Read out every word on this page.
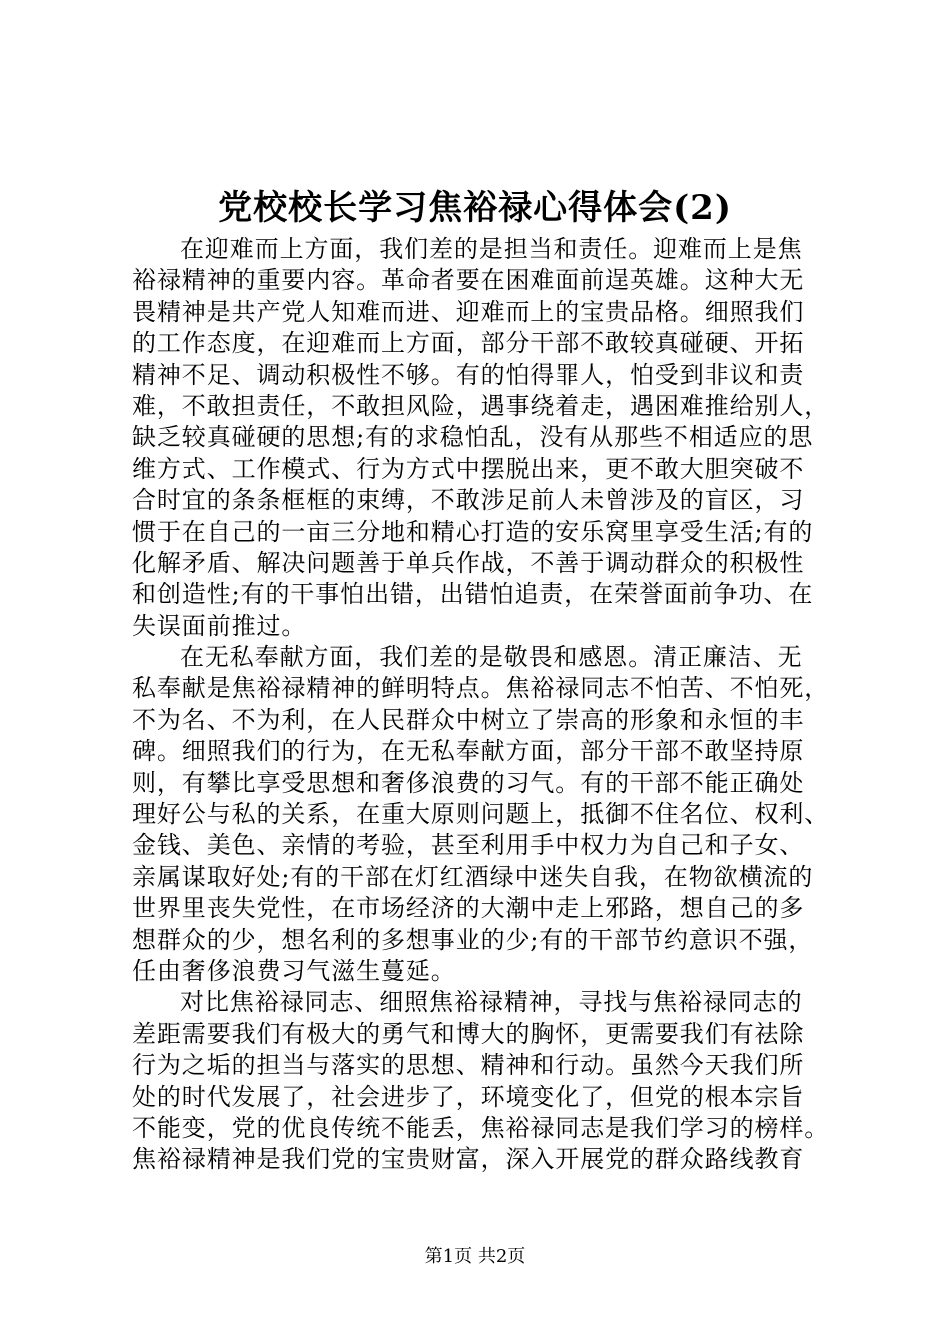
党校校长学习焦裕禄心得体会(2)
在迎难而上方面，我们差的是担当和责任。迎难而上是焦
裕禄精神的重要内容。革命者要在困难面前逞英雄。这种大无
畏精神是共产党人知难而进、迎难而上的宝贵品格。细照我们
的工作态度，在迎难而上方面，部分干部不敢较真碰硬、开拓
精神不足、调动积极性不够。有的怕得罪人，怕受到非议和责
难，不敢担责任，不敢担风险，遇事绕着走，遇困难推给别人，
缺乏较真碰硬的思想;有的求稳怕乱，没有从那些不相适应的思
维方式、工作模式、行为方式中摆脱出来，更不敢大胆突破不
合时宜的条条框框的束缚，不敢涉足前人未曾涉及的盲区，习
惯于在自己的一亩三分地和精心打造的安乐窝里享受生活;有的
化解矛盾、解决问题善于单兵作战，不善于调动群众的积极性
和创造性;有的干事怕出错，出错怕追责，在荣誉面前争功、在
失误面前推过。
在无私奉献方面，我们差的是敬畏和感恩。清正廉洁、无
私奉献是焦裕禄精神的鲜明特点。焦裕禄同志不怕苦、不怕死，
不为名、不为利，在人民群众中树立了崇高的形象和永恒的丰
碑。细照我们的行为，在无私奉献方面，部分干部不敢坚持原
则，有攀比享受思想和奢侈浪费的习气。有的干部不能正确处
理好公与私的关系，在重大原则问题上，抵御不住名位、权利、
金钱、美色、亲情的考验，甚至利用手中权力为自己和子女、
亲属谋取好处;有的干部在灯红酒绿中迷失自我，在物欲横流的
世界里丧失党性，在市场经济的大潮中走上邪路，想自己的多
想群众的少，想名利的多想事业的少;有的干部节约意识不强，
任由奢侈浪费习气滋生蔓延。
对比焦裕禄同志、细照焦裕禄精神，寻找与焦裕禄同志的
差距需要我们有极大的勇气和博大的胸怀，更需要我们有祛除
行为之垢的担当与落实的思想、精神和行动。虽然今天我们所
处的时代发展了，社会进步了，环境变化了，但党的根本宗旨
不能变，党的优良传统不能丢，焦裕禄同志是我们学习的榜样。
焦裕禄精神是我们党的宝贵财富，深入开展党的群众路线教育
第1页 共2页
